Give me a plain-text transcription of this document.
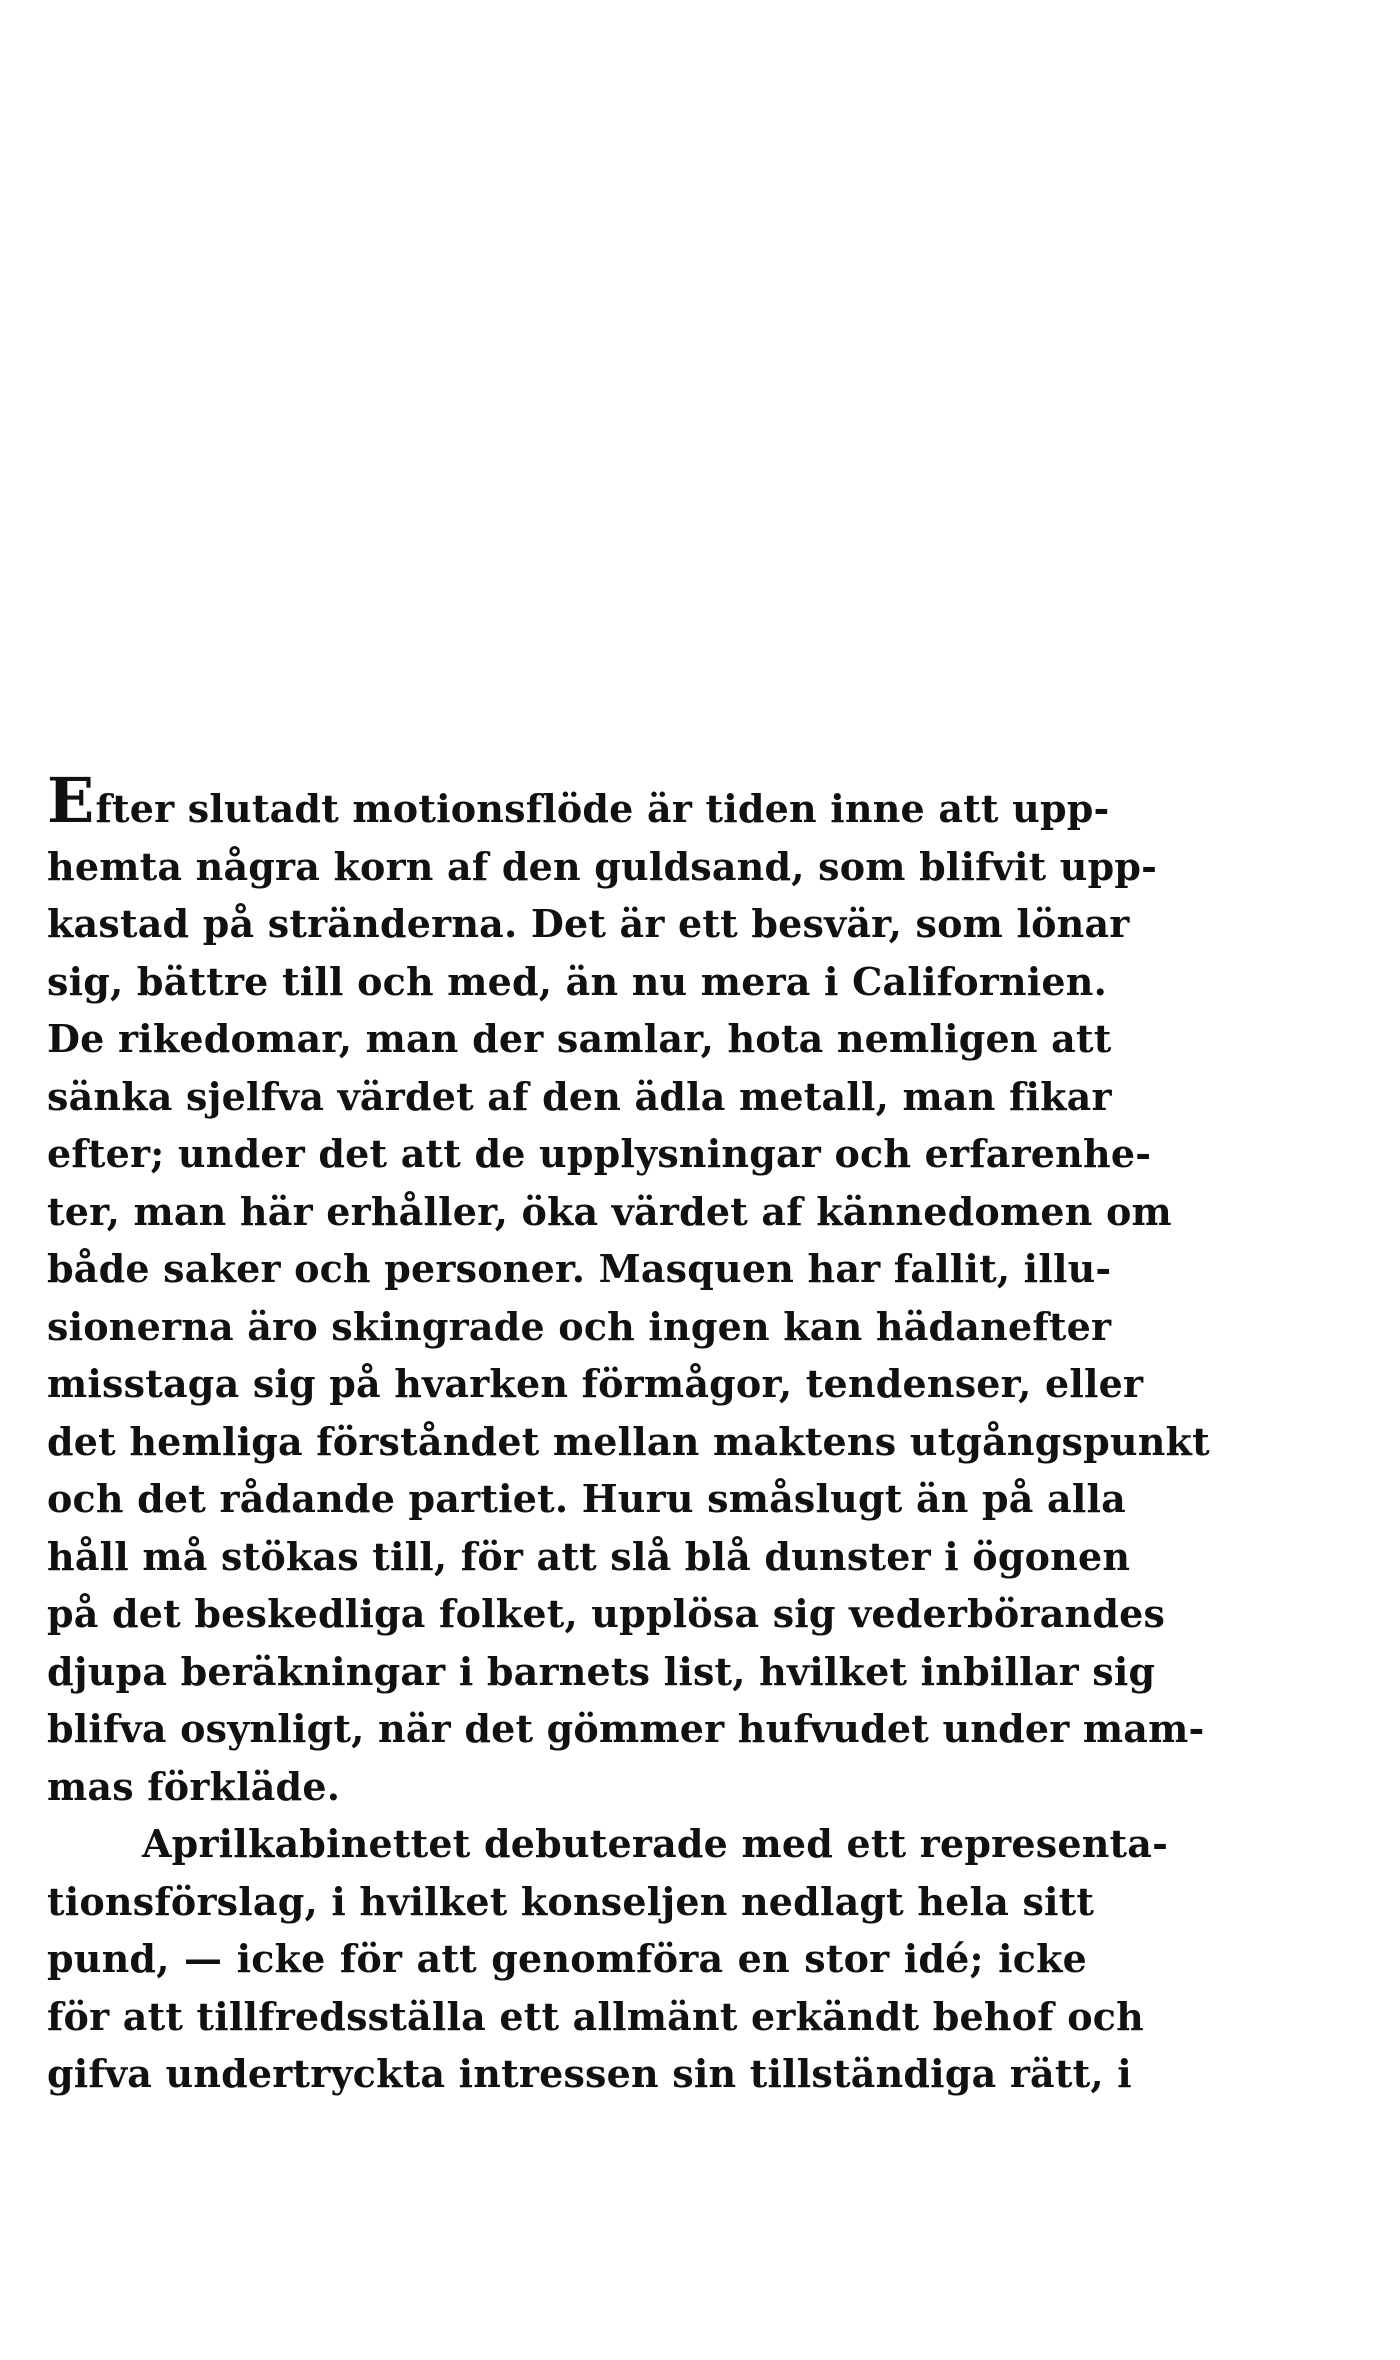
Efter slutadt motionsflöde är tiden inne att upp-
hemta några korn af den guldsand, som blifvit upp-
kastad på stränderna. Det är ett besvär, som lönar
sig, bättre till och med, än nu mera i Californien.
De rikedomar, man der samlar, hota nemligen att
sänka sjelfva värdet af den ädla metall, man fikar
efter; under det att de upplysningar och erfarenhe-
ter, man här erhåller, öka värdet af kännedomen om
både saker och personer. Masquen har fallit, illu-
sionerna äro skingrade och ingen kan hädanefter
misstaga sig på hvarken förmågor, tendenser, eller
det hemliga förståndet mellan maktens utgångspunkt
och det rådande partiet. Huru småslugt än på alla
håll må stökas till, för att slå blå dunster i ögonen
på det beskedliga folket, upplösa sig vederbörandes
djupa beräkningar i barnets list, hvilket inbillar sig
blifva osynligt, när det gömmer hufvudet under mam-
mas förkläde.
Aprilkabinettet debuterade med ett representa-
tionsförslag, i hvilket konseljen nedlagt hela sitt
pund, — icke för att genomföra en stor idé; icke
för att tillfredsställa ett allmänt erkändt behof och
gifva undertryckta intressen sin tillständiga rätt, i
